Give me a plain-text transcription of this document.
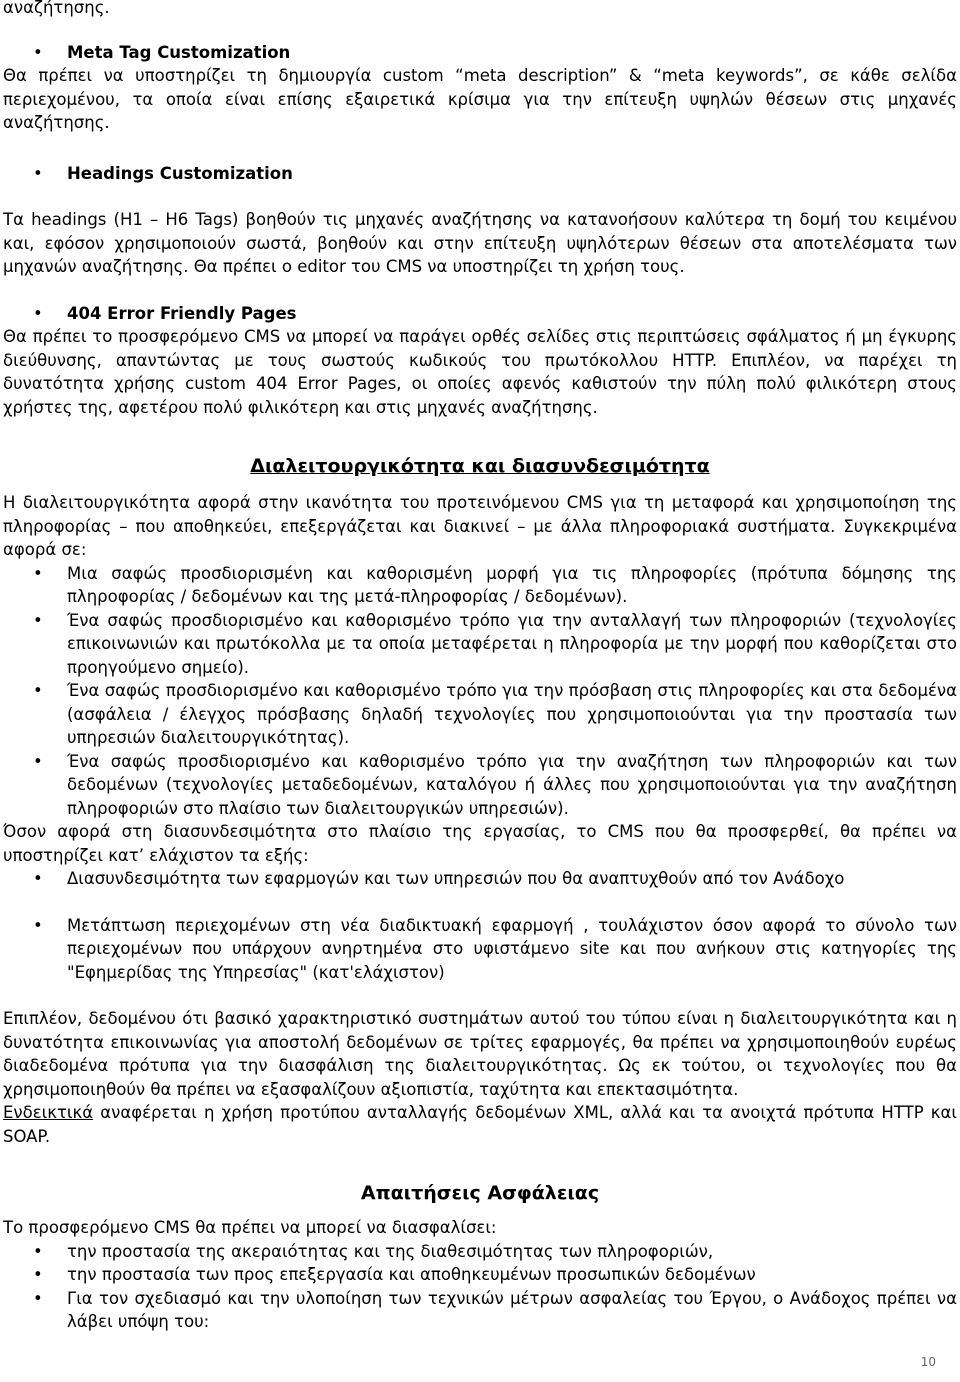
αναζήτησης.

• Meta Tag Customization

Θα πρέπει να υποστηρίζει τη δημιουργία custom “meta description” & “meta keywords”, σε κάθε σελίδα περιεχομένου, τα οποία είναι επίσης εξαιρετικά κρίσιμα για την επίτευξη υψηλών θέσεων στις μηχανές αναζήτησης.

• Headings Customization

Τα headings (H1 – H6 Tags) βοηθούν τις μηχανές αναζήτησης να κατανοήσουν καλύτερα τη δομή του κειμένου και, εφόσον χρησιμοποιούν σωστά, βοηθούν και στην επίτευξη υψηλότερων θέσεων στα αποτελέσματα των μηχανών αναζήτησης. Θα πρέπει ο editor του CMS να υποστηρίζει τη χρήση τους.

• 404 Error Friendly Pages

Θα πρέπει το προσφερόμενο CMS να μπορεί να παράγει ορθές σελίδες στις περιπτώσεις σφάλματος ή μη έγκυρης διεύθυνσης, απαντώντας με τους σωστούς κωδικούς του πρωτόκολλου HTTP. Επιπλέον, να παρέχει τη δυνατότητα χρήσης custom 404 Error Pages, οι οποίες αφενός καθιστούν την πύλη πολύ φιλικότερη στους χρήστες της, αφετέρου πολύ φιλικότερη και στις μηχανές αναζήτησης.

Διαλειτουργικότητα και διασυνδεσιμότητα

Η διαλειτουργικότητα αφορά στην ικανότητα του προτεινόμενου CMS για τη μεταφορά και χρησιμοποίηση της πληροφορίας – που αποθηκεύει, επεξεργάζεται και διακινεί – με άλλα πληροφοριακά συστήματα. Συγκεκριμένα αφορά σε:

• Μια σαφώς προσδιορισμένη και καθορισμένη μορφή για τις πληροφορίες (πρότυπα δόμησης της πληροφορίας / δεδομένων και της μετά-πληροφορίας / δεδομένων).
• Ένα σαφώς προσδιορισμένο και καθορισμένο τρόπο για την ανταλλαγή των πληροφοριών (τεχνολογίες επικοινωνιών και πρωτόκολλα με τα οποία μεταφέρεται η πληροφορία με την μορφή που καθορίζεται στο προηγούμενο σημείο).
• Ένα σαφώς προσδιορισμένο και καθορισμένο τρόπο για την πρόσβαση στις πληροφορίες και στα δεδομένα (ασφάλεια / έλεγχος πρόσβασης δηλαδή τεχνολογίες που χρησιμοποιούνται για την προστασία των υπηρεσιών διαλειτουργικότητας).
• Ένα σαφώς προσδιορισμένο και καθορισμένο τρόπο για την αναζήτηση των πληροφοριών και των δεδομένων (τεχνολογίες μεταδεδομένων, καταλόγου ή άλλες που χρησιμοποιούνται για την αναζήτηση πληροφοριών στο πλαίσιο των διαλειτουργικών υπηρεσιών).

Όσον αφορά στη διασυνδεσιμότητα στο πλαίσιο της εργασίας, το CMS που θα προσφερθεί, θα πρέπει να υποστηρίζει κατ’ ελάχιστον τα εξής:

• Διασυνδεσιμότητα των εφαρμογών και των υπηρεσιών που θα αναπτυχθούν από τον Ανάδοχο
• Μετάπτωση περιεχομένων στη νέα διαδικτυακή εφαρμογή , τουλάχιστον όσον αφορά το σύνολο των περιεχομένων που υπάρχουν ανηρτημένα στο υφιστάμενο site και που ανήκουν στις κατηγορίες της "Εφημερίδας της Υπηρεσίας" (κατ'ελάχιστον)

Επιπλέον, δεδομένου ότι βασικό χαρακτηριστικό συστημάτων αυτού του τύπου είναι η διαλειτουργικότητα και η δυνατότητα επικοινωνίας για αποστολή δεδομένων σε τρίτες εφαρμογές, θα πρέπει να χρησιμοποιηθούν ευρέως διαδεδομένα πρότυπα για την διασφάλιση της διαλειτουργικότητας. Ως εκ τούτου, οι τεχνολογίες που θα χρησιμοποιηθούν θα πρέπει να εξασφαλίζουν αξιοπιστία, ταχύτητα και επεκτασιμότητα.

Ενδεικτικά αναφέρεται η χρήση προτύπου ανταλλαγής δεδομένων XML, αλλά και τα ανοιχτά πρότυπα HTTP και SOAP.

Απαιτήσεις Ασφάλειας

Το προσφερόμενο CMS θα πρέπει να μπορεί να διασφαλίσει:

• την προστασία της ακεραιότητας και της διαθεσιμότητας των πληροφοριών,
• την προστασία των προς επεξεργασία και αποθηκευμένων προσωπικών δεδομένων
• Για τον σχεδιασμό και την υλοποίηση των τεχνικών μέτρων ασφαλείας του Έργου, ο Ανάδοχος πρέπει να λάβει υπόψη του:
10
